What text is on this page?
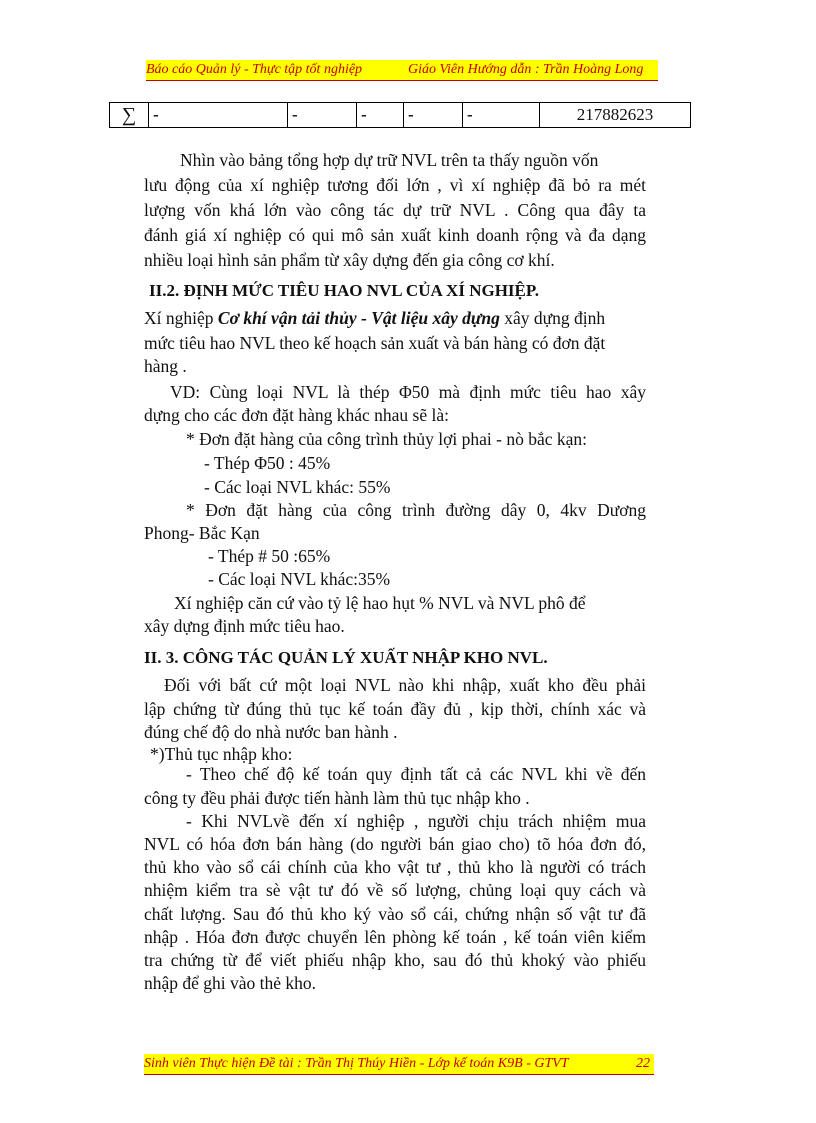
Báo cáo Quản lý - Thực tập tốt nghiệp	Giáo Viên Hướng dẫn : Trần Hoàng Long
∑	-	-	-	-	-	217882623
Nhìn vào bảng tổng hợp dự trữ NVL trên ta thấy nguồn vốn
lưu động của xí nghiệp tương đối lớn , vì xí nghiệp đã bỏ ra mét
lượng vốn khá lớn vào công tác dự trữ NVL . Công qua đây ta
đánh giá xí nghiệp có qui mô sản xuất kinh doanh rộng và đa dạng
nhiều loại hình sản phẩm từ xây dựng đến gia công cơ khí.
II.2. ĐỊNH MỨC TIÊU HAO NVL CỦA XÍ NGHIỆP.
Xí nghiệp Cơ khí vận tải thủy - Vật liệu xây dựng xây dựng định
mức tiêu hao NVL theo kế hoạch sản xuất và bán hàng có đơn đặt
hàng .
VD: Cùng loại NVL là thép Φ50 mà định mức tiêu hao xây
dựng cho các đơn đặt hàng khác nhau sẽ là:
* Đơn đặt hàng của công trình thủy lợi phai - nò bắc kạn:
- Thép Φ50 : 45%
- Các loại NVL khác: 55%
* Đơn đặt hàng của công trình đường dây 0, 4kv Dương
Phong- Bắc Kạn
- Thép # 50 :65%
- Các loại NVL khác:35%
Xí nghiệp căn cứ vào tỷ lệ hao hụt % NVL và NVL phô để
xây dựng định mức tiêu hao.
II. 3. CÔNG TÁC QUẢN LÝ XUẤT NHẬP KHO NVL.
Đối với bất cứ một loại NVL nào khi nhập, xuất kho đều phải
lập chứng từ đúng thủ tục kế toán đầy đủ , kịp thời, chính xác và
đúng chế độ do nhà nước ban hành .
*)Thủ tục nhập kho:
- Theo chế độ kế toán quy định tất cả các NVL khi về đến
công ty đều phải được tiến hành làm thủ tục nhập kho .
- Khi NVLvề đến xí nghiệp , người chịu trách nhiệm mua
NVL có hóa đơn bán hàng (do người bán giao cho) tõ hóa đơn đó,
thủ kho vào sổ cái chính của kho vật tư , thủ kho là người có trách
nhiệm kiểm tra sè vật tư đó về số lượng, chủng loại quy cách và
chất lượng. Sau đó thủ kho ký vào sổ cái, chứng nhận số vật tư đã
nhập . Hóa đơn được chuyển lên phòng kế toán , kế toán viên kiểm
tra chứng từ để viết phiếu nhập kho, sau đó thủ khoký vào phiếu
nhập để ghi vào thẻ kho.
Sinh viên Thực hiện Đề tài : Trần Thị Thúy Hiền - Lớp kế toán K9B - GTVT	22
